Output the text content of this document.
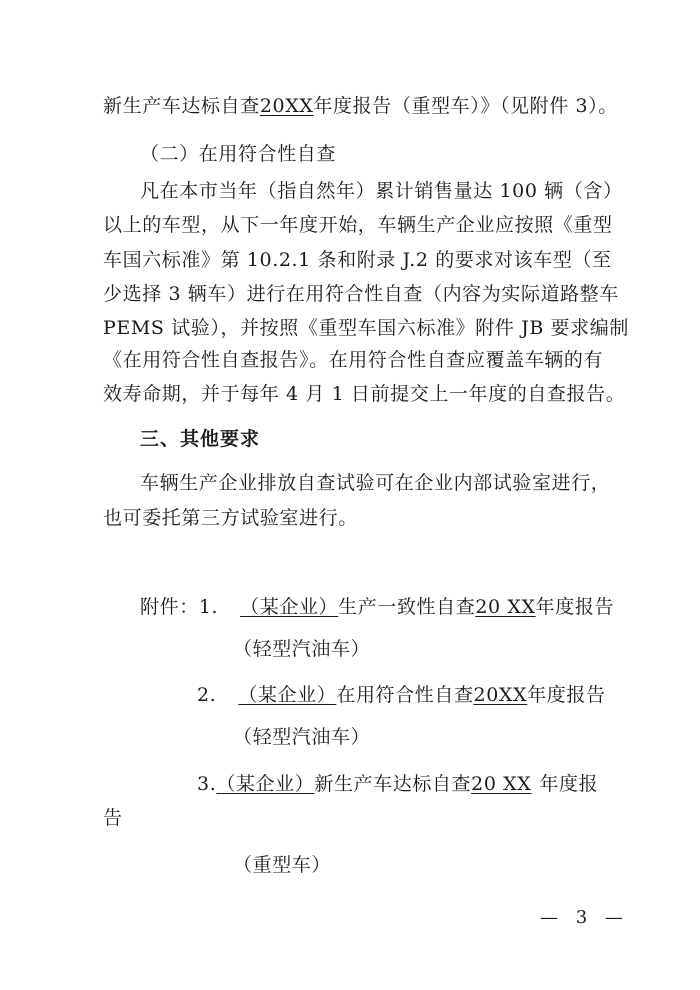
新生产车达标自查20XX年度报告（重型车）》（见附件 3）。
（二）在用符合性自查
凡在本市当年（指自然年）累计销售量达 100 辆（含）
以上的车型，从下一年度开始，车辆生产企业应按照《重型
车国六标准》第 10.2.1 条和附录 J.2 的要求对该车型（至
少选择 3 辆车）进行在用符合性自查（内容为实际道路整车
PEMS 试验），并按照《重型车国六标准》附件 JB 要求编制
《在用符合性自查报告》。在用符合性自查应覆盖车辆的有
效寿命期，并于每年 4 月 1 日前提交上一年度的自查报告。
三、其他要求
车辆生产企业排放自查试验可在企业内部试验室进行，
也可委托第三方试验室进行。
附件：1. （某企业）生产一致性自查20 XX年度报告
（轻型汽油车）
2. （某企业）在用符合性自查20XX年度报告
（轻型汽油车）
3.（某企业）新生产车达标自查20 XX 年度报
告
（重型车）
— 3 —
